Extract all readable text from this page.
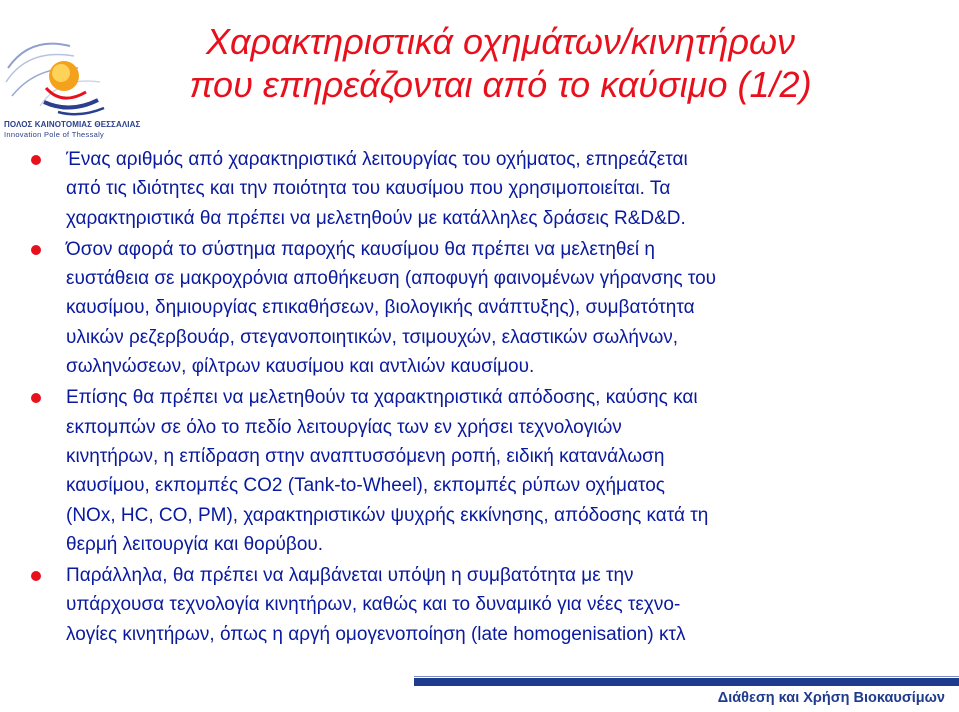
ΠΟΛΟΣ ΚΑΙΝΟΤΟΜΙΑΣ ΘΕΣΣΑΛΙΑΣ
Innovation Pole of Thessaly
Χαρακτηριστικά οχημάτων/κινητήρων
που επηρεάζονται από το καύσιμο (1/2)
Ένας αριθμός από χαρακτηριστικά λειτουργίας του οχήματος, επηρεάζεται
από τις ιδιότητες και την ποιότητα του καυσίμου που χρησιμοποιείται. Τα
χαρακτηριστικά θα πρέπει να μελετηθούν με κατάλληλες δράσεις R&D&D.
Όσον αφορά το σύστημα παροχής καυσίμου θα πρέπει να μελετηθεί η
ευστάθεια σε μακροχρόνια αποθήκευση (αποφυγή φαινομένων γήρανσης του
καυσίμου, δημιουργίας επικαθήσεων, βιολογικής ανάπτυξης), συμβατότητα
υλικών ρεζερβουάρ, στεγανοποιητικών, τσιμουχών, ελαστικών σωλήνων,
σωληνώσεων, φίλτρων καυσίμου και αντλιών καυσίμου.
Επίσης θα πρέπει να μελετηθούν τα χαρακτηριστικά απόδοσης, καύσης και
εκπομπών σε όλο το πεδίο λειτουργίας των εν χρήσει τεχνολογιών
κινητήρων, η επίδραση στην αναπτυσσόμενη ροπή, ειδική κατανάλωση
καυσίμου, εκπομπές CO2 (Tank-to-Wheel), εκπομπές ρύπων οχήματος
(NOx, HC, CO, PM), χαρακτηριστικών ψυχρής εκκίνησης, απόδοσης κατά τη
θερμή λειτουργία και θορύβου.
Παράλληλα, θα πρέπει να λαμβάνεται υπόψη η συμβατότητα με την
υπάρχουσα τεχνολογία κινητήρων, καθώς και το δυναμικό για νέες τεχνο-
λογίες κινητήρων, όπως η αργή ομογενοποίηση (late homogenisation) κτλ
Διάθεση και Χρήση Βιοκαυσίμων
